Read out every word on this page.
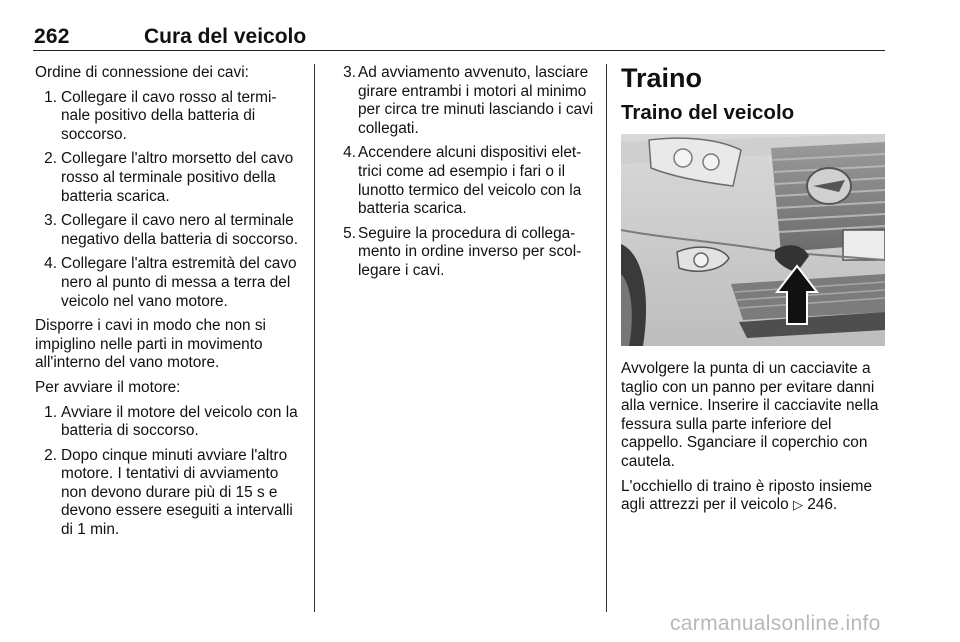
262	Cura del veicolo

Ordine di connessione dei cavi:

1. Collegare il cavo rosso al termi-nale positivo della batteria di soccorso.
2. Collegare l'altro morsetto del cavo rosso al terminale positivo della batteria scarica.
3. Collegare il cavo nero al terminale negativo della batteria di soccorso.
4. Collegare l'altra estremità del cavo nero al punto di messa a terra del veicolo nel vano motore.

Disporre i cavi in modo che non si impiglino nelle parti in movimento all'interno del vano motore.

Per avviare il motore:

1. Avviare il motore del veicolo con la batteria di soccorso.
2. Dopo cinque minuti avviare l'altro motore. I tentativi di avviamento non devono durare più di 15 s e devono essere eseguiti a intervalli di 1 min.
3. Ad avviamento avvenuto, lasciare girare entrambi i motori al minimo per circa tre minuti lasciando i cavi collegati.
4. Accendere alcuni dispositivi elet-trici come ad esempio i fari o il lunotto termico del veicolo con la batteria scarica.
5. Seguire la procedura di collega-mento in ordine inverso per scol-legare i cavi.
Traino
Traino del veicolo

Avvolgere la punta di un cacciavite a taglio con un panno per evitare danni alla vernice. Inserire il cacciavite nella fessura sulla parte inferiore del cappello. Sganciare il coperchio con cautela.

L'occhiello di traino è riposto insieme agli attrezzi per il veicolo ▷ 246.

carmanualsonline.info
